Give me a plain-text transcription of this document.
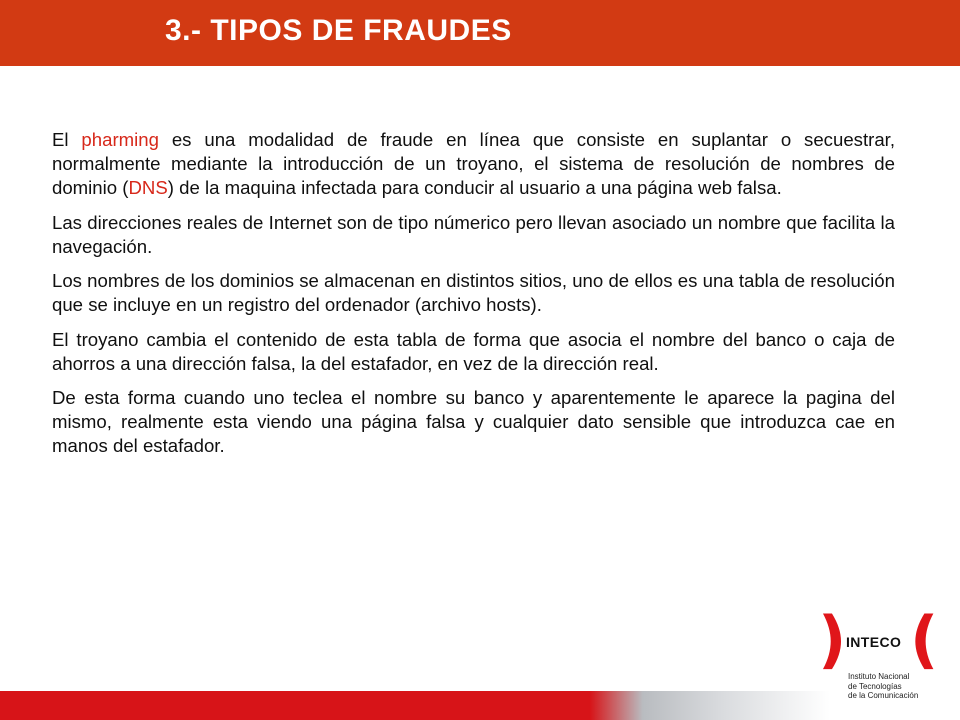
3.- TIPOS DE FRAUDES

El pharming es una modalidad de fraude en línea que consiste en suplantar o secuestrar, normalmente mediante la introducción de un troyano, el sistema de resolución de nombres de dominio (DNS) de la maquina infectada para conducir al usuario a una página web falsa.

Las direcciones reales de Internet son de tipo númerico pero llevan asociado un nombre que facilita la navegación.

Los nombres de los dominios se almacenan en distintos sitios, uno de ellos es una tabla de resolución que se incluye en un registro del ordenador (archivo hosts).

El troyano cambia el contenido de esta tabla de forma que asocia el nombre del banco o caja de ahorros a una dirección falsa, la del estafador, en vez de la dirección real.

De esta forma cuando uno teclea el nombre su banco y aparentemente le aparece la pagina del mismo, realmente esta viendo una página falsa y cualquier dato sensible que introduzca cae en manos del estafador.

) INTECO (
Instituto Nacional
de Tecnologías
de la Comunicación
